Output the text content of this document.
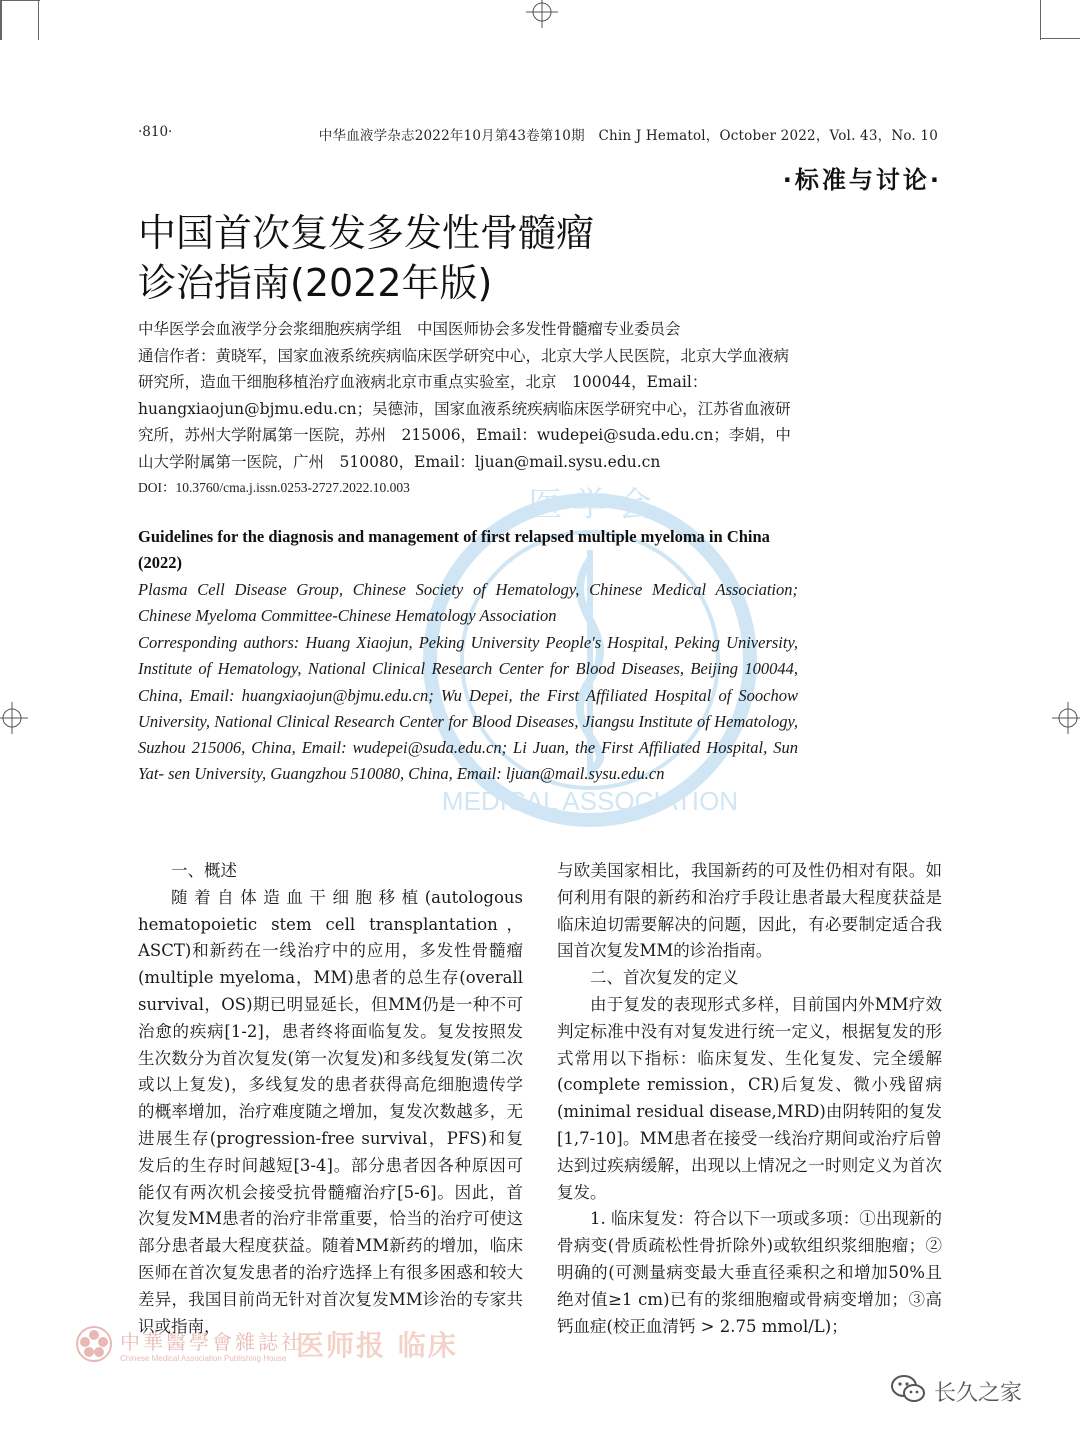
·810·	中华血液学杂志2022年10月第43卷第10期　Chin J Hematol，October 2022，Vol. 43，No. 10
·标准与讨论·
医 学 会
MEDICAL ASSOCIATION
中国首次复发多发性骨髓瘤
诊治指南(2022年版)

中华医学会血液学分会浆细胞疾病学组　中国医师协会多发性骨髓瘤专业委员会

通信作者：黄晓军，国家血液系统疾病临床医学研究中心，北京大学人民医院，北京大学血液病研究所，造血干细胞移植治疗血液病北京市重点实验室，北京　100044，Email：huangxiaojun@bjmu.edu.cn；吴德沛，国家血液系统疾病临床医学研究中心，江苏省血液研究所，苏州大学附属第一医院，苏州　215006，Email：wudepei@suda.edu.cn；李娟，中山大学附属第一医院，广州　510080，Email：ljuan@mail.sysu.edu.cn

DOI：10.3760/cma.j.issn.0253-2727.2022.10.003
Guidelines for the diagnosis and management of first relapsed multiple myeloma in China (2022)

Plasma Cell Disease Group, Chinese Society of Hematology, Chinese Medical Association; Chinese Myeloma Committee-Chinese Hematology Association

Corresponding authors: Huang Xiaojun, Peking University People's Hospital, Peking University, Institute of Hematology, National Clinical Research Center for Blood Diseases, Beijing 100044, China, Email: huangxiaojun@bjmu.edu.cn; Wu Depei, the First Affiliated Hospital of Soochow University, National Clinical Research Center for Blood Diseases, Jiangsu Institute of Hematology, Suzhou 215006, China, Email: wudepei@suda.edu.cn; Li Juan, the First Affiliated Hospital, Sun Yat- sen University, Guangzhou 510080, China, Email: ljuan@mail.sysu.edu.cn

一、概述

随着自体造血干细胞移植(autologous hematopoietic stem cell transplantation，ASCT)和新药在一线治疗中的应用，多发性骨髓瘤(multiple myeloma，MM)患者的总生存(overall survival，OS)期已明显延长，但MM仍是一种不可治愈的疾病[1-2]，患者终将面临复发。复发按照发生次数分为首次复发(第一次复发)和多线复发(第二次或以上复发)，多线复发的患者获得高危细胞遗传学的概率增加，治疗难度随之增加，复发次数越多，无进展生存(progression-free survival，PFS)和复发后的生存时间越短[3-4]。部分患者因各种原因可能仅有两次机会接受抗骨髓瘤治疗[5-6]。因此，首次复发MM患者的治疗非常重要，恰当的治疗可使这部分患者最大程度获益。随着MM新药的增加，临床医师在首次复发患者的治疗选择上有很多困惑和较大差异，我国目前尚无针对首次复发MM诊治的专家共识或指南，

与欧美国家相比，我国新药的可及性仍相对有限。如何利用有限的新药和治疗手段让患者最大程度获益是临床迫切需要解决的问题，因此，有必要制定适合我国首次复发MM的诊治指南。

二、首次复发的定义

由于复发的表现形式多样，目前国内外MM疗效判定标准中没有对复发进行统一定义，根据复发的形式常用以下指标：临床复发、生化复发、完全缓解(complete remission，CR)后复发、微小残留病(minimal residual disease,MRD)由阴转阳的复发[1,7-10]。MM患者在接受一线治疗期间或治疗后曾达到过疾病缓解，出现以上情况之一时则定义为首次复发。

1. 临床复发：符合以下一项或多项：①出现新的骨病变(骨质疏松性骨折除外)或软组织浆细胞瘤；②明确的(可测量病变最大垂直径乘积之和增加50%且绝对值≥1 cm)已有的浆细胞瘤或骨病变增加；③高钙血症(校正血清钙 > 2.75 mmol/L)；

中華醫學會雜誌社
Chinese Medical Association Publishing House 医师报 临床
长久之家
